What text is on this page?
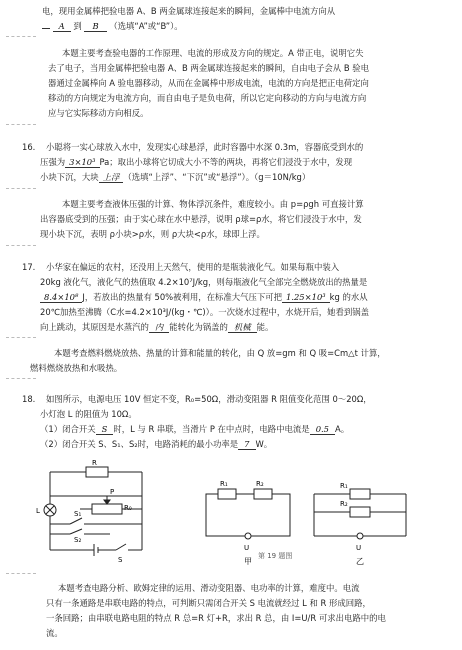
电，现用金属棒把验电器 A、B 两金属球连接起来的瞬间，金属棒中电流方向从
A 到 B （选填“A”或“B”）。
本题主要考查验电器的工作原理、电流的形成及方向的规定。A 带正电，说明它失
去了电子，当用金属棒把验电器 A、B 两金属球连接起来的瞬间，自由电子会从 B 验电
器通过金属棒向 A 验电器移动，从而在金属棒中形成电流，电流的方向是把正电荷定向
移动的方向规定为电流方向，而自由电子是负电荷，所以它定向移动的方向与电流方向
应与它实际移动方向相反。
16. 小聪将一实心球放入水中，发现实心球悬浮，此时容器中水深 0.3m，容器底受到水的
压强为 3×10³ Pa；取出小球将它切成大小不等的两块，再将它们浸没于水中，发现
小块下沉，大块 上浮 （选填“上浮”、“下沉”或“悬浮”）。（g＝10N/kg）
本题主要考查液体压强的计算、物体浮沉条件，难度较小。由 p=ρgh 可直接计算
出容器底受到的压强；由于实心球在水中悬浮，说明 ρ球=ρ水，将它们浸没于水中，发
现小块下沉，表明 ρ小块>ρ水，则 ρ大块<ρ水，球即上浮。
17. 小华家在偏远的农村，还没用上天然气，使用的是瓶装液化气。如果每瓶中装入
20kg 液化气，液化气的热值取 4.2×10⁷J/kg，则每瓶液化气全部完全燃烧放出的热量是
8.4×10⁸ J，若放出的热量有 50%被利用，在标准大气压下可把 1.25×10³ kg 的水从
20℃加热至沸腾（C水=4.2×10³J/(kg・℃)）。一次烧水过程中，水烧开后，她看到锅盖
向上跳动，其原因是水蒸汽的 内 能转化为锅盖的 机械 能。
本题考查燃料燃烧放热、热量的计算和能量的转化，由 Q 放=gm 和 Q 吸=Cm△t 计算，
燃料燃烧放热和水吸热。
18. 如图所示，电源电压 10V 恒定不变，R₀=50Ω，滑动变阻器 R 阻值变化范围 0～20Ω，
小灯泡 L 的阻值为 10Ω。
（1）闭合开关 S 时，L 与 R 串联，当滑片 P 在中点时，电路中电流是 0.5 A。
（2）闭合开关 S、S₁、S₂时，电路消耗的最小功率是 7 W。
R
R₀
L	S₁
S₂
P
S
R₁	R₂
U
甲
R₁
R₂
U
乙
第 19 题图
本题考查电路分析、欧姆定律的运用、滑动变阻器、电功率的计算，难度中。电流
只有一条通路是串联电路的特点，可判断只需闭合开关 S 电流就经过 L 和 R 形成回路，
一条回路；由串联电路电阻的特点 R 总=R 灯+R，求出 R 总，由 I=U/R 可求出电路中的电
流。
